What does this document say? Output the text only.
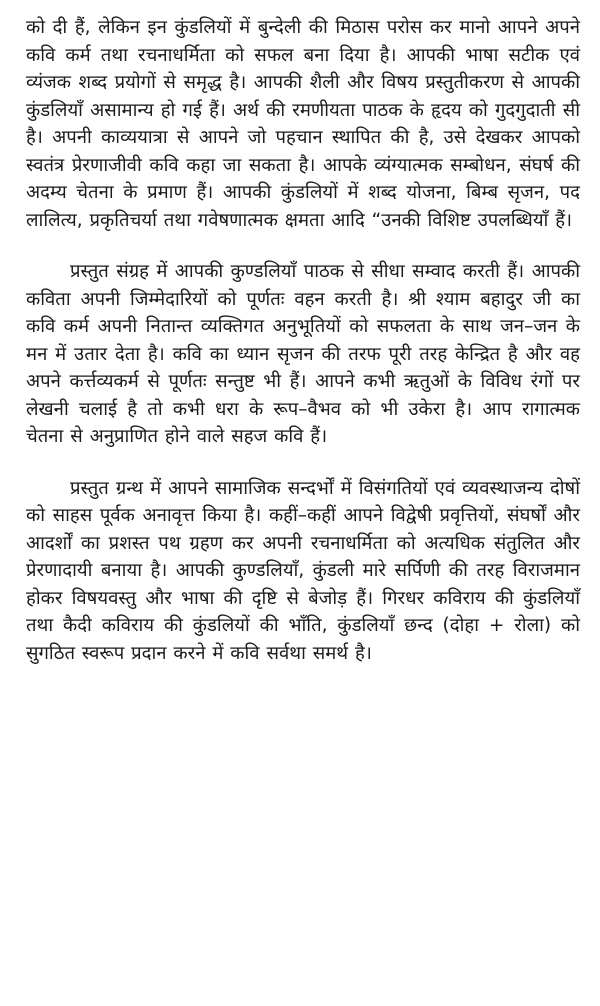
को दी हैं, लेकिन इन कुंडलियों में बुन्देली की मिठास परोस कर मानो आपने अपने कवि कर्म तथा रचनाधर्मिता को सफल बना दिया है। आपकी भाषा सटीक एवं व्यंजक शब्द प्रयोगों से समृद्ध है। आपकी शैली और विषय प्रस्तुतीकरण से आपकी कुंडलियाँ असामान्य हो गई हैं। अर्थ की रमणीयता पाठक के हृदय को गुदगुदाती सी है। अपनी काव्ययात्रा से आपने जो पहचान स्थापित की है, उसे देखकर आपको स्वतंत्र प्रेरणाजीवी कवि कहा जा सकता है। आपके व्यंग्यात्मक सम्बोधन, संघर्ष की अदम्य चेतना के प्रमाण हैं। आपकी कुंडलियों में शब्द योजना, बिम्ब सृजन, पद लालित्य, प्रकृतिचर्या तथा गवेषणात्मक क्षमता आदि “उनकी विशिष्ट उपलब्धियाँ हैं।

प्रस्तुत संग्रह में आपकी कुण्डलियाँ पाठक से सीधा सम्वाद करती हैं। आपकी कविता अपनी जिम्मेदारियों को पूर्णतः वहन करती है। श्री श्याम बहादुर जी का कवि कर्म अपनी नितान्त व्यक्तिगत अनुभूतियों को सफलता के साथ जन–जन के मन में उतार देता है। कवि का ध्यान सृजन की तरफ पूरी तरह केन्द्रित है और वह अपने कर्त्तव्यकर्म से पूर्णतः सन्तुष्ट भी हैं। आपने कभी ऋतुओं के विविध रंगों पर लेखनी चलाई है तो कभी धरा के रूप–वैभव को भी उकेरा है। आप रागात्मक चेतना से अनुप्राणित होने वाले सहज कवि हैं।

प्रस्तुत ग्रन्थ में आपने सामाजिक सन्दर्भों में विसंगतियों एवं व्यवस्थाजन्य दोषों को साहस पूर्वक अनावृत्त किया है। कहीं–कहीं आपने विद्वेषी प्रवृत्तियों, संघर्षों और आदर्शों का प्रशस्त पथ ग्रहण कर अपनी रचनाधर्मिता को अत्यधिक संतुलित और प्रेरणादायी बनाया है। आपकी कुण्डलियाँ, कुंडली मारे सर्पिणी की तरह विराजमान होकर विषयवस्तु और भाषा की दृष्टि से बेजोड़ हैं। गिरधर कविराय की कुंडलियाँ तथा कैदी कविराय की कुंडलियों की भाँति, कुंडलियाँ छन्द (दोहा + रोला) को सुगठित स्वरूप प्रदान करने में कवि सर्वथा समर्थ है।
